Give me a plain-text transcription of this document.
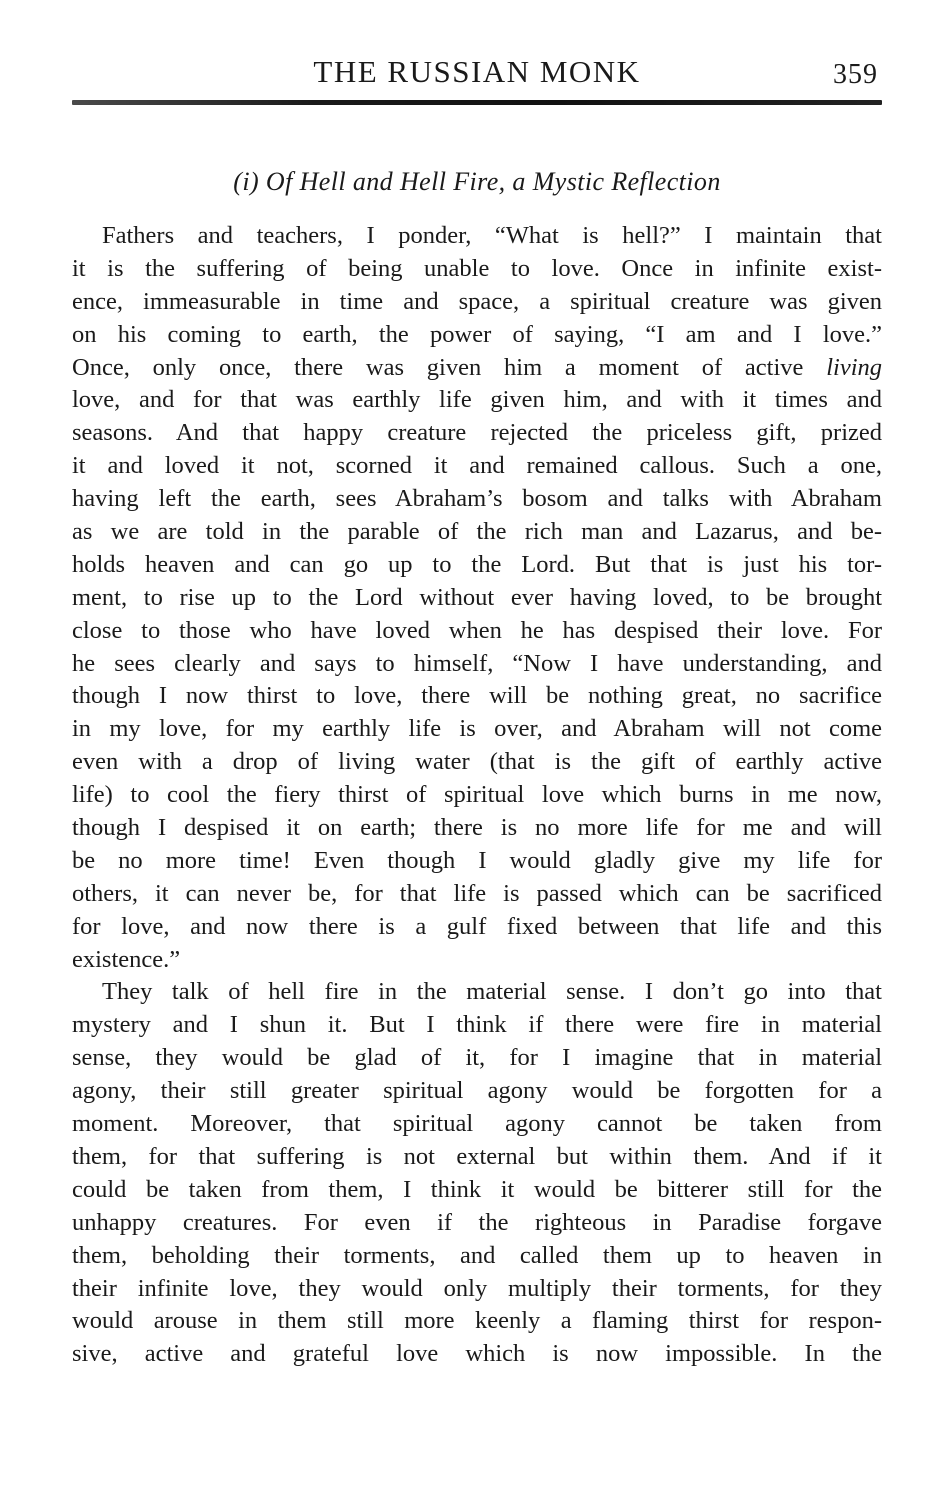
THE RUSSIAN MONK	359
(i) Of Hell and Hell Fire, a Mystic Reflection
Fathers and teachers, I ponder, “What is hell?” I maintain that
it is the suffering of being unable to love. Once in infinite exist-
ence, immeasurable in time and space, a spiritual creature was given
on his coming to earth, the power of saying, “I am and I love.”
Once, only once, there was given him a moment of active living
love, and for that was earthly life given him, and with it times and
seasons. And that happy creature rejected the priceless gift, prized
it and loved it not, scorned it and remained callous. Such a one,
having left the earth, sees Abraham’s bosom and talks with Abraham
as we are told in the parable of the rich man and Lazarus, and be-
holds heaven and can go up to the Lord. But that is just his tor-
ment, to rise up to the Lord without ever having loved, to be brought
close to those who have loved when he has despised their love. For
he sees clearly and says to himself, “Now I have understanding, and
though I now thirst to love, there will be nothing great, no sacrifice
in my love, for my earthly life is over, and Abraham will not come
even with a drop of living water (that is the gift of earthly active
life) to cool the fiery thirst of spiritual love which burns in me now,
though I despised it on earth; there is no more life for me and will
be no more time! Even though I would gladly give my life for
others, it can never be, for that life is passed which can be sacrificed
for love, and now there is a gulf fixed between that life and this
existence.”
They talk of hell fire in the material sense. I don’t go into that
mystery and I shun it. But I think if there were fire in material
sense, they would be glad of it, for I imagine that in material
agony, their still greater spiritual agony would be forgotten for a
moment. Moreover, that spiritual agony cannot be taken from
them, for that suffering is not external but within them. And if it
could be taken from them, I think it would be bitterer still for the
unhappy creatures. For even if the righteous in Paradise forgave
them, beholding their torments, and called them up to heaven in
their infinite love, they would only multiply their torments, for they
would arouse in them still more keenly a flaming thirst for respon-
sive, active and grateful love which is now impossible. In the
